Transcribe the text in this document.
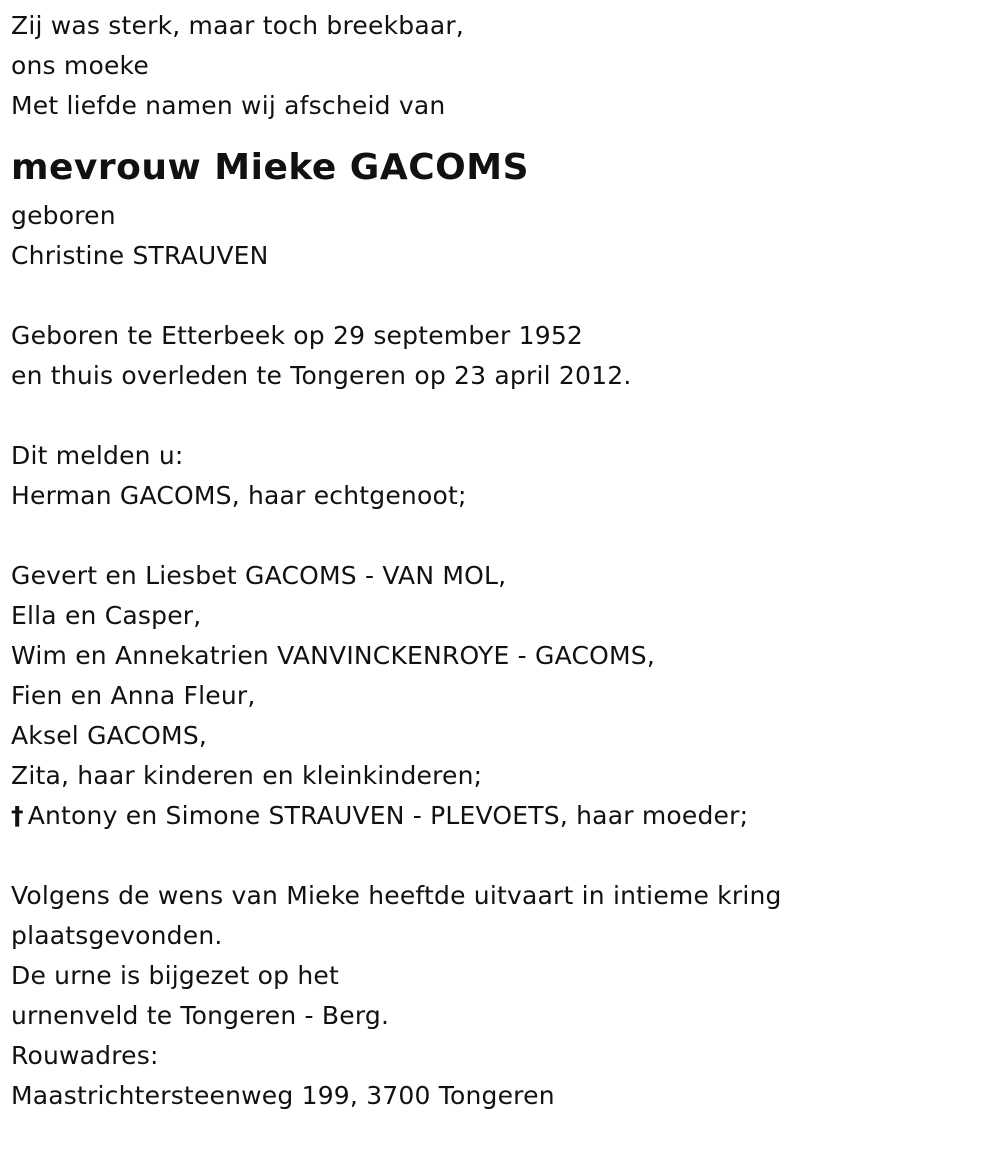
Zij was sterk, maar toch breekbaar,
ons moeke
Met liefde namen wij afscheid van
mevrouw Mieke GACOMS
geboren
Christine STRAUVEN
Geboren te Etterbeek op 29 september 1952
en thuis overleden te Tongeren op 23 april 2012.
Dit melden u:
Herman GACOMS, haar echtgenoot;
Gevert en Liesbet GACOMS - VAN MOL,
Ella en Casper,
Wim en Annekatrien VANVINCKENROYE - GACOMS,
Fien en Anna Fleur,
Aksel GACOMS,
Zita, haar kinderen en kleinkinderen;
† Antony en Simone STRAUVEN - PLEVOETS, haar moeder;
Volgens de wens van Mieke heeftde uitvaart in intieme kring
plaatsgevonden.
De urne is bijgezet op het
urnenveld te Tongeren - Berg.
Rouwadres:
Maastrichtersteenweg 199, 3700 Tongeren
